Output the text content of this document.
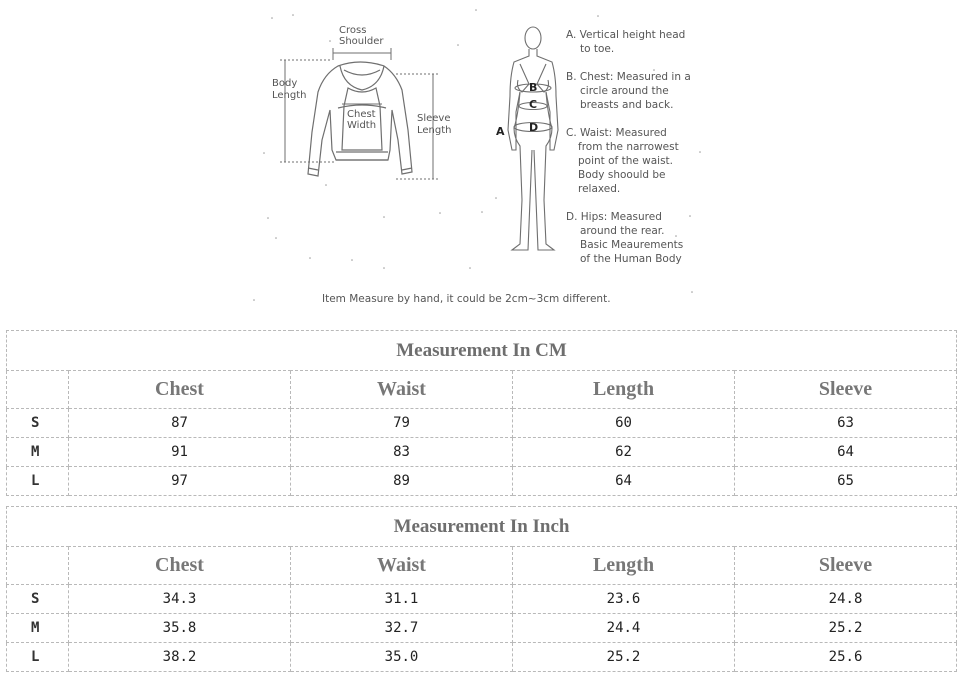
Cross
Shoulder
Body
Length
Chest
Width
Sleeve
Length	A
B
C
D
A. Vertical height head
to toe.
B. Chest: Measured in a
circle around the
breasts and back.
C. Waist: Measured
from the narrowest
point of the waist.
Body shoould be
relaxed.
D. Hips: Measured
around the rear.
Basic Meaurements
of the Human Body
Item Measure by hand, it could be 2cm~3cm different.
Measurement In CM				
	Chest	Waist	Length	Sleeve
S	87	79	60	63
M	91	83	62	64
L	97	89	64	65
Measurement In Inch				
	Chest	Waist	Length	Sleeve
S	34.3	31.1	23.6	24.8
M	35.8	32.7	24.4	25.2
L	38.2	35.0	25.2	25.6
